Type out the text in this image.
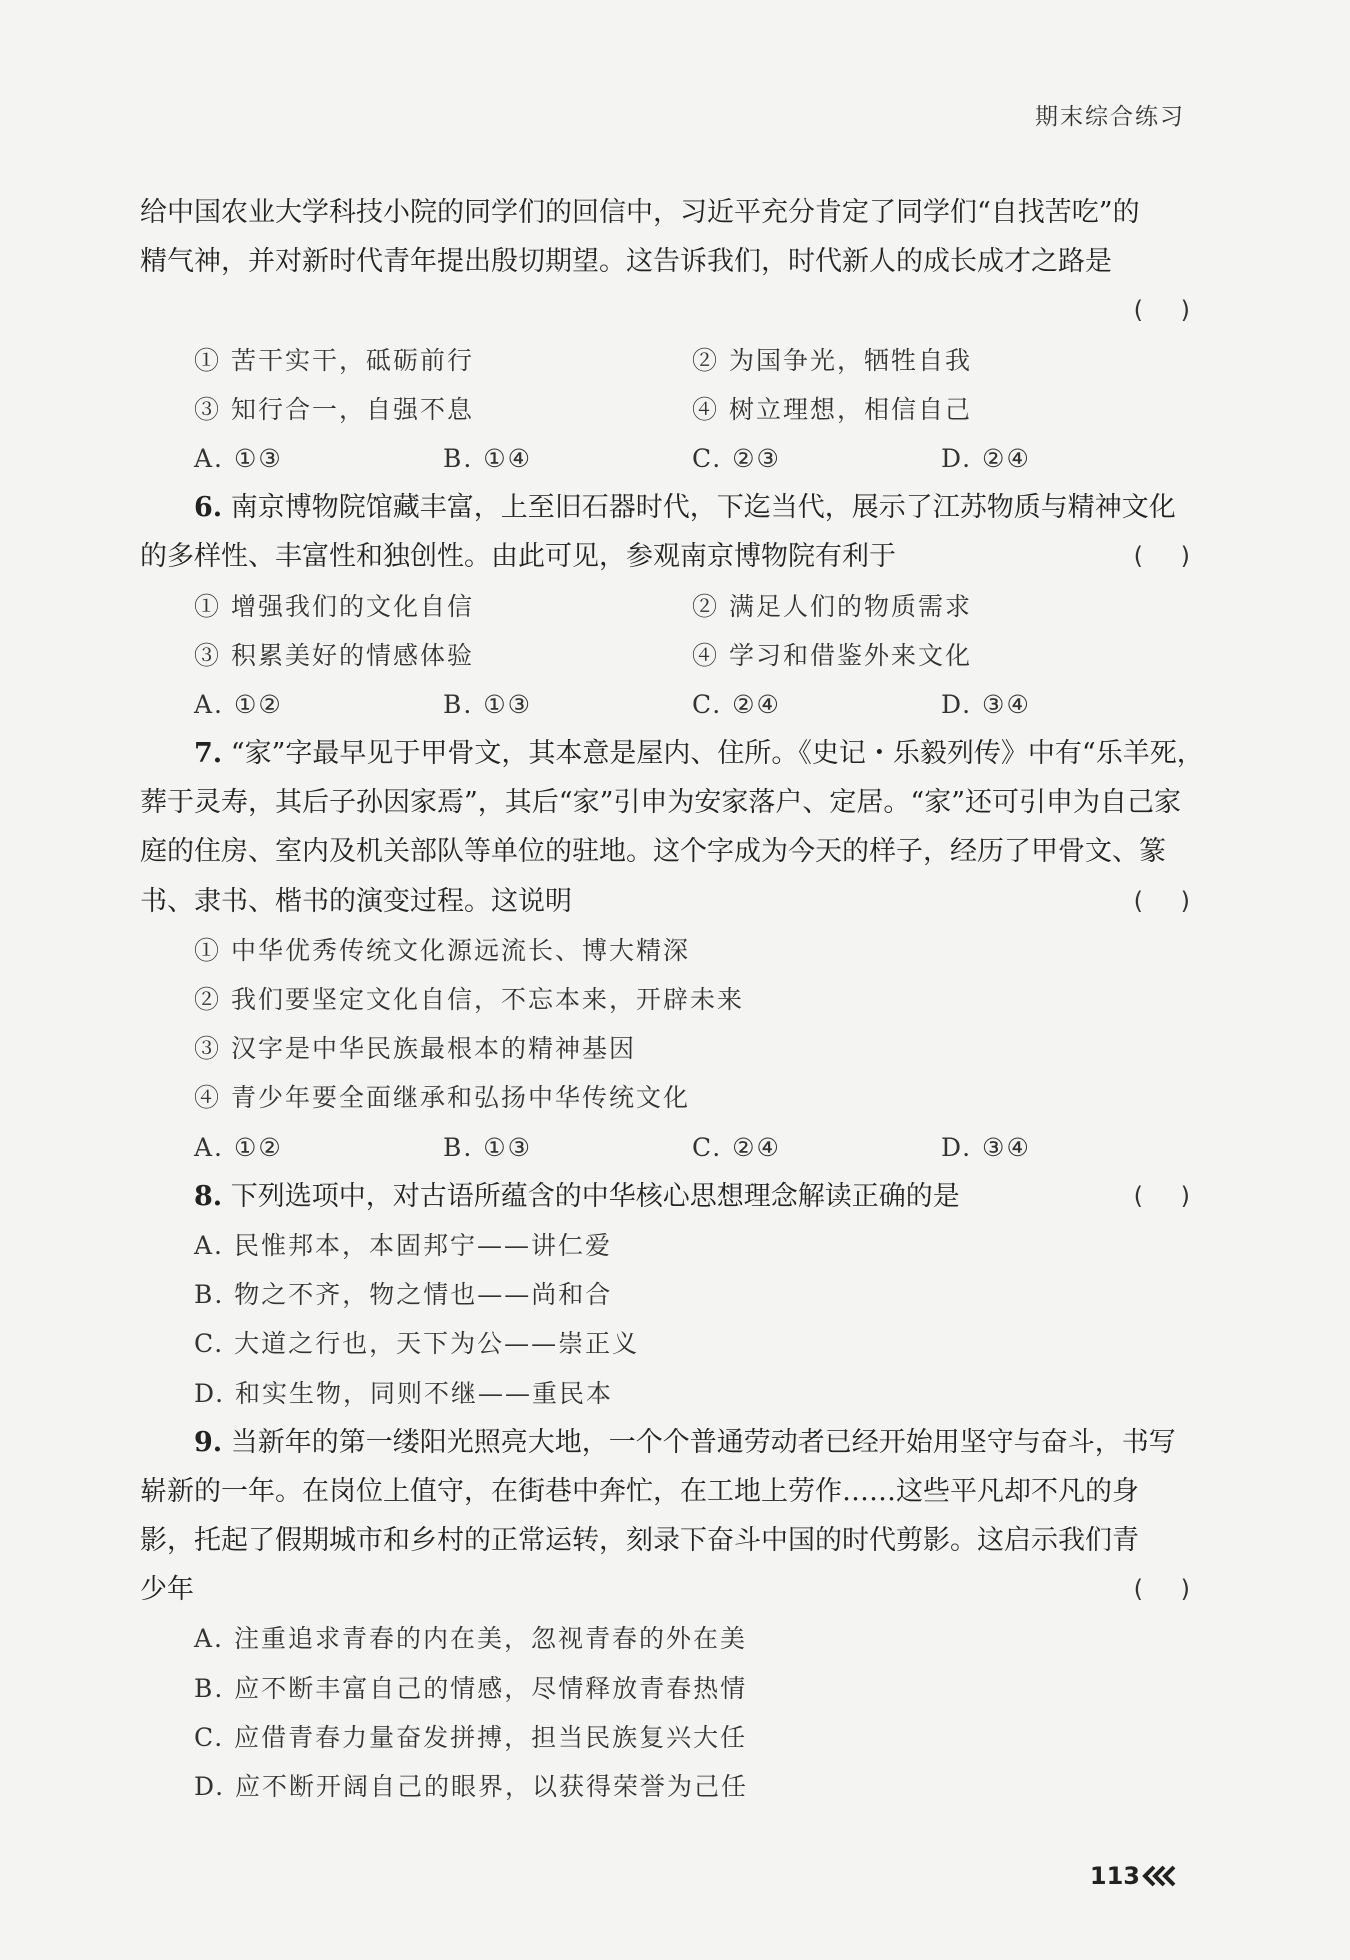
期末综合练习
给中国农业大学科技小院的同学们的回信中，习近平充分肯定了同学们“自找苦吃”的
精气神，并对新时代青年提出殷切期望。这告诉我们，时代新人的成长成才之路是
( )
① 苦干实干，砥砺前行	② 为国争光，牺牲自我
③ 知行合一，自强不息	④ 树立理想，相信自己
A. ①③	B. ①④	C. ②③	D. ②④
6. 南京博物院馆藏丰富，上至旧石器时代，下迄当代，展示了江苏物质与精神文化
的多样性、丰富性和独创性。由此可见，参观南京博物院有利于	( )
① 增强我们的文化自信	② 满足人们的物质需求
③ 积累美好的情感体验	④ 学习和借鉴外来文化
A. ①②	B. ①③	C. ②④	D. ③④
7. “家”字最早见于甲骨文，其本意是屋内、住所。《史记・乐毅列传》中有“乐羊死，
葬于灵寿，其后子孙因家焉”，其后“家”引申为安家落户、定居。“家”还可引申为自己家
庭的住房、室内及机关部队等单位的驻地。这个字成为今天的样子，经历了甲骨文、篆
书、隶书、楷书的演变过程。这说明	( )
① 中华优秀传统文化源远流长、博大精深
② 我们要坚定文化自信，不忘本来，开辟未来
③ 汉字是中华民族最根本的精神基因
④ 青少年要全面继承和弘扬中华传统文化
A. ①②	B. ①③	C. ②④	D. ③④
8. 下列选项中，对古语所蕴含的中华核心思想理念解读正确的是	( )
A. 民惟邦本，本固邦宁——讲仁爱
B. 物之不齐，物之情也——尚和合
C. 大道之行也，天下为公——崇正义
D. 和实生物，同则不继——重民本
9. 当新年的第一缕阳光照亮大地，一个个普通劳动者已经开始用坚守与奋斗，书写
崭新的一年。在岗位上值守，在街巷中奔忙，在工地上劳作……这些平凡却不凡的身
影，托起了假期城市和乡村的正常运转，刻录下奋斗中国的时代剪影。这启示我们青
少年	( )
A. 注重追求青春的内在美，忽视青春的外在美
B. 应不断丰富自己的情感，尽情释放青春热情
C. 应借青春力量奋发拼搏，担当民族复兴大任
D. 应不断开阔自己的眼界，以获得荣誉为己任
113
